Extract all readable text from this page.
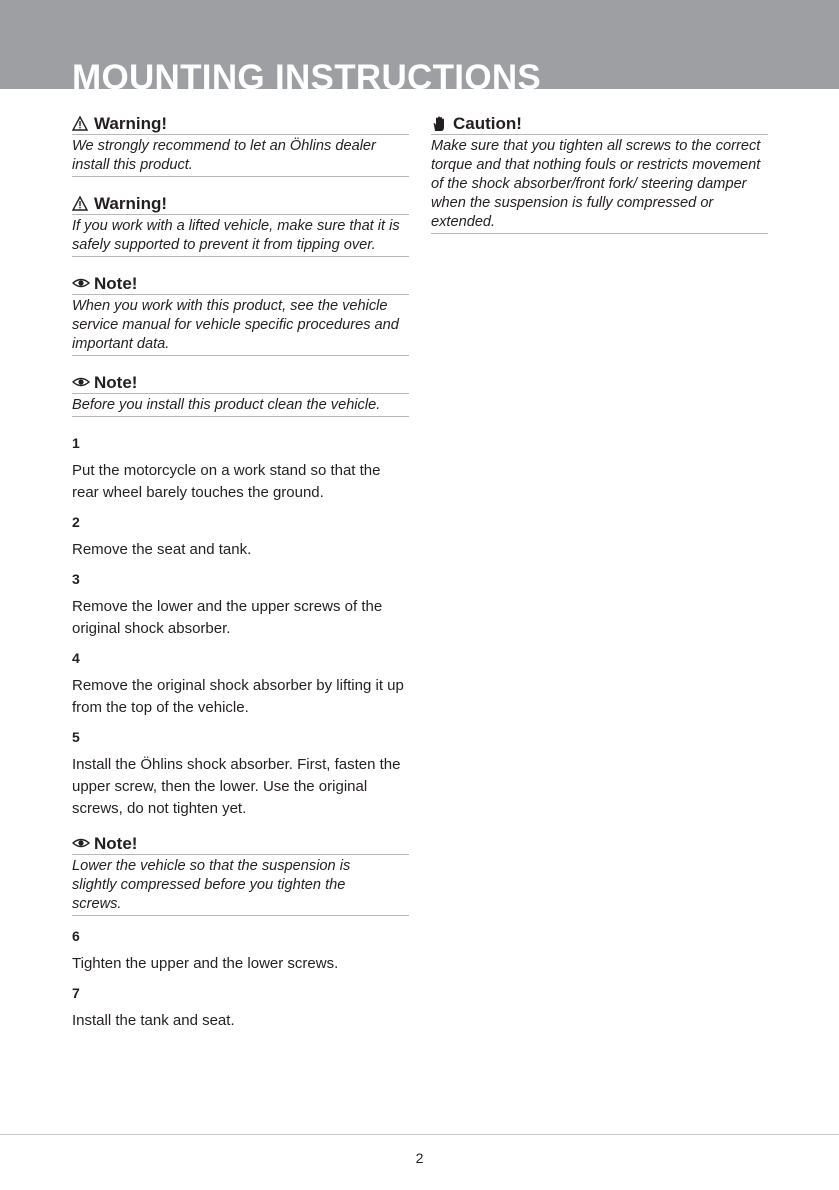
MOUNTING INSTRUCTIONS
Warning!
We strongly recommend to let an Öhlins dealer install this product.
Warning!
If you work with a lifted vehicle, make sure that it is safely supported to prevent it from tipping over.
Note!
When you work with this product, see the vehicle service manual for vehicle specific procedures and important data.
Note!
Before you install this product clean the vehicle.

1

Put the motorcycle on a work stand so that the rear wheel barely touches the ground.

2

Remove the seat and tank.

3

Remove the lower and the upper screws of the original shock absorber.

4

Remove the original shock absorber by lifting it up from the top of the vehicle.

5

Install the Öhlins shock absorber. First, fasten the upper screw, then the lower. Use the original screws, do not tighten yet.

Note!
Lower the vehicle so that the suspension is slightly compressed before you tighten the screws.

6

Tighten the upper and the lower screws.

7

Install the tank and seat.

Caution!
Make sure that you tighten all screws to the correct torque and that nothing fouls or restricts movement of the shock absorber/front fork/ steering damper when the suspension is fully compressed or extended.
2
